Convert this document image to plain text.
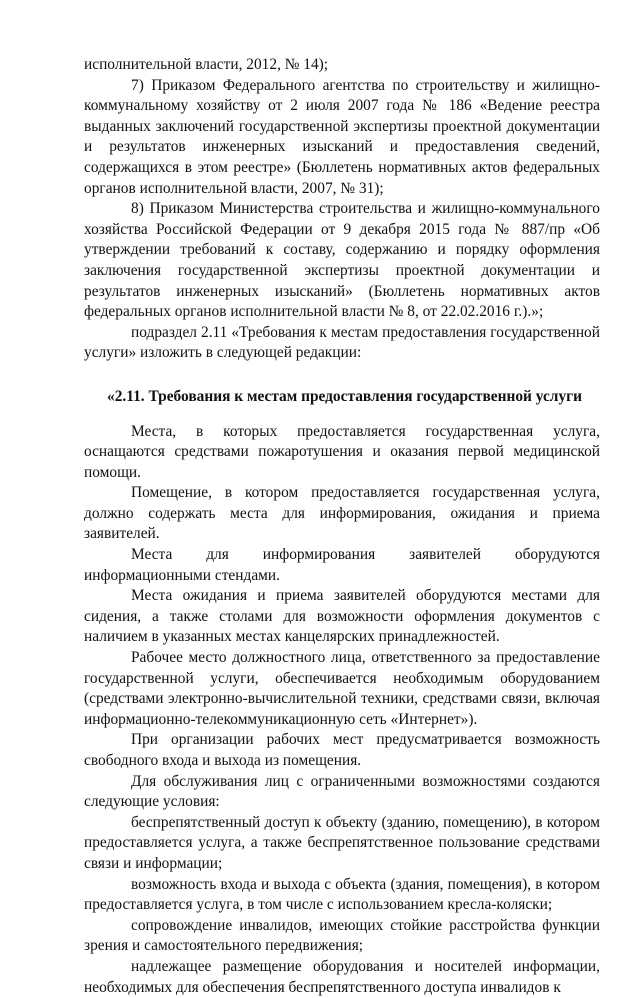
исполнительной власти, 2012, № 14);

7) Приказом Федерального агентства по строительству и жилищно-коммунальному хозяйству от 2 июля 2007 года № 186 «Ведение реестра выданных заключений государственной экспертизы проектной документации и результатов инженерных изысканий и предоставления сведений, содержащихся в этом реестре» (Бюллетень нормативных актов федеральных органов исполнительной власти, 2007, № 31);

8) Приказом Министерства строительства и жилищно-коммунального хозяйства Российской Федерации от 9 декабря 2015 года № 887/пр «Об утверждении требований к составу, содержанию и порядку оформления заключения государственной экспертизы проектной документации и результатов инженерных изысканий» (Бюллетень нормативных актов федеральных органов исполнительной власти № 8, от 22.02.2016 г.).»;

подраздел 2.11 «Требования к местам предоставления государственной услуги» изложить в следующей редакции:

«2.11. Требования к местам предоставления государственной услуги

Места, в которых предоставляется государственная услуга, оснащаются средствами пожаротушения и оказания первой медицинской помощи.

Помещение, в котором предоставляется государственная услуга, должно содержать места для информирования, ожидания и приема заявителей.

Места для информирования заявителей оборудуются информационными стендами.

Места ожидания и приема заявителей оборудуются местами для сидения, а также столами для возможности оформления документов с наличием в указанных местах канцелярских принадлежностей.

Рабочее место должностного лица, ответственного за предоставление государственной услуги, обеспечивается необходимым оборудованием (средствами электронно-вычислительной техники, средствами связи, включая информационно-телекоммуникационную сеть «Интернет»).

При организации рабочих мест предусматривается возможность свободного входа и выхода из помещения.

Для обслуживания лиц с ограниченными возможностями создаются следующие условия:

беспрепятственный доступ к объекту (зданию, помещению), в котором предоставляется услуга, а также беспрепятственное пользование средствами связи и информации;

возможность входа и выхода с объекта (здания, помещения), в котором предоставляется услуга, в том числе с использованием кресла-коляски;

сопровождение инвалидов, имеющих стойкие расстройства функции зрения и самостоятельного передвижения;

надлежащее размещение оборудования и носителей информации, необходимых для обеспечения беспрепятственного доступа инвалидов к
